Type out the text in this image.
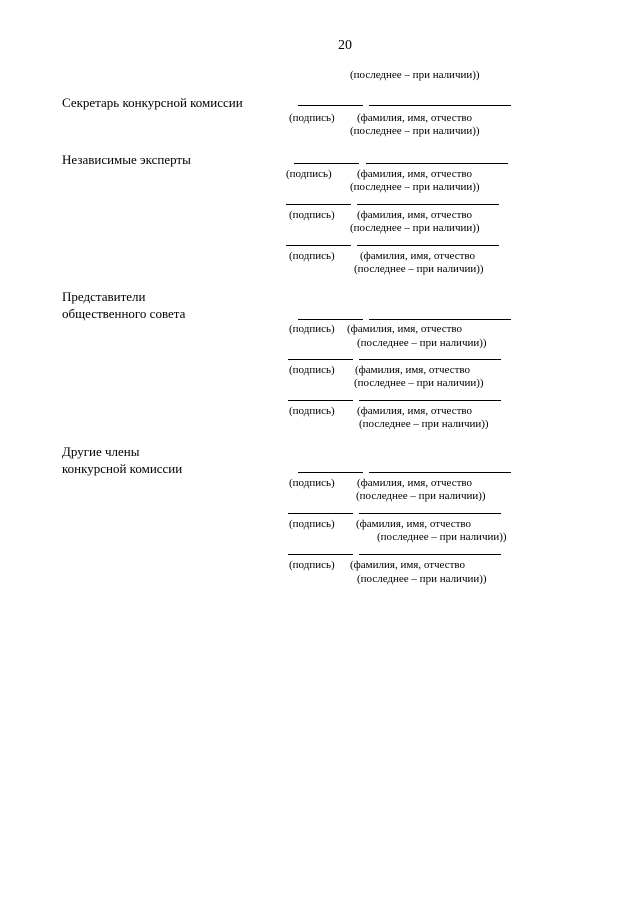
20
(последнее – при наличии))
Секретарь конкурсной комиссии
(подпись) (фамилия, имя, отчество
(последнее – при наличии))
Независимые эксперты
(подпись) (фамилия, имя, отчество
(последнее – при наличии))
(подпись) (фамилия, имя, отчество
(последнее – при наличии))
(подпись) (фамилия, имя, отчество
(последнее – при наличии))
Представители
общественного совета
(подпись) (фамилия, имя, отчество
(последнее – при наличии))
(подпись) (фамилия, имя, отчество
(последнее – при наличии))
(подпись) (фамилия, имя, отчество
(последнее – при наличии))
Другие члены
конкурсной комиссии
(подпись) (фамилия, имя, отчество
(последнее – при наличии))
(подпись) (фамилия, имя, отчество
(последнее – при наличии))
(подпись) (фамилия, имя, отчество
(последнее – при наличии))
